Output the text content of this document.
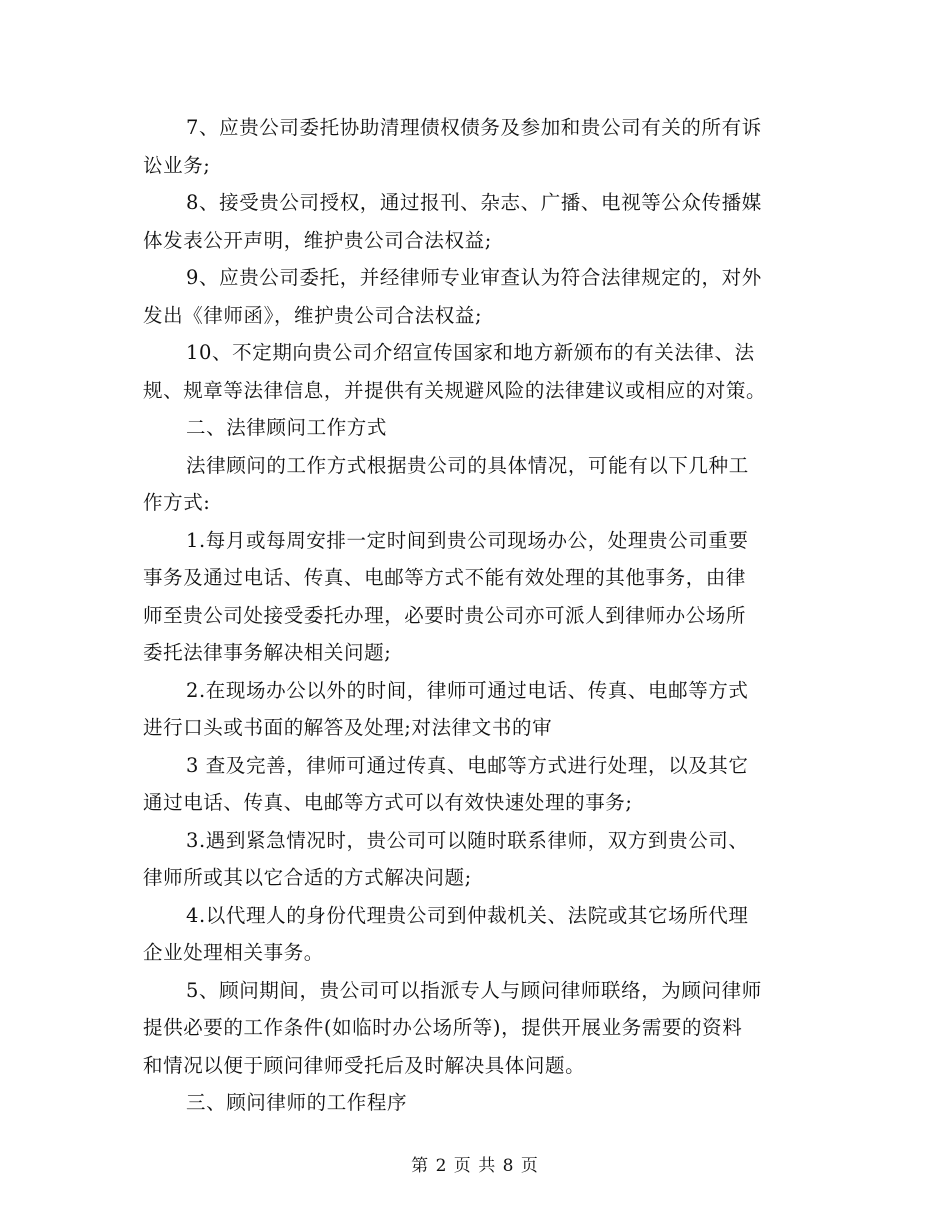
7、应贵公司委托协助清理债权债务及参加和贵公司有关的所有诉
讼业务;

8、接受贵公司授权，通过报刊、杂志、广播、电视等公众传播媒
体发表公开声明，维护贵公司合法权益;

9、应贵公司委托，并经律师专业审查认为符合法律规定的，对外
发出《律师函》，维护贵公司合法权益;

10、不定期向贵公司介绍宣传国家和地方新颁布的有关法律、法
规、规章等法律信息，并提供有关规避风险的法律建议或相应的对策。

二、法律顾问工作方式

法律顾问的工作方式根据贵公司的具体情况，可能有以下几种工
作方式:

1.每月或每周安排一定时间到贵公司现场办公，处理贵公司重要
事务及通过电话、传真、电邮等方式不能有效处理的其他事务，由律
师至贵公司处接受委托办理，必要时贵公司亦可派人到律师办公场所
委托法律事务解决相关问题;

2.在现场办公以外的时间，律师可通过电话、传真、电邮等方式
进行口头或书面的解答及处理;对法律文书的审

3 查及完善，律师可通过传真、电邮等方式进行处理，以及其它
通过电话、传真、电邮等方式可以有效快速处理的事务;

3.遇到紧急情况时，贵公司可以随时联系律师，双方到贵公司、
律师所或其以它合适的方式解决问题;

4.以代理人的身份代理贵公司到仲裁机关、法院或其它场所代理
企业处理相关事务。

5、顾问期间，贵公司可以指派专人与顾问律师联络，为顾问律师
提供必要的工作条件(如临时办公场所等)，提供开展业务需要的资料
和情况以便于顾问律师受托后及时解决具体问题。

三、顾问律师的工作程序

第 2 页 共 8 页
